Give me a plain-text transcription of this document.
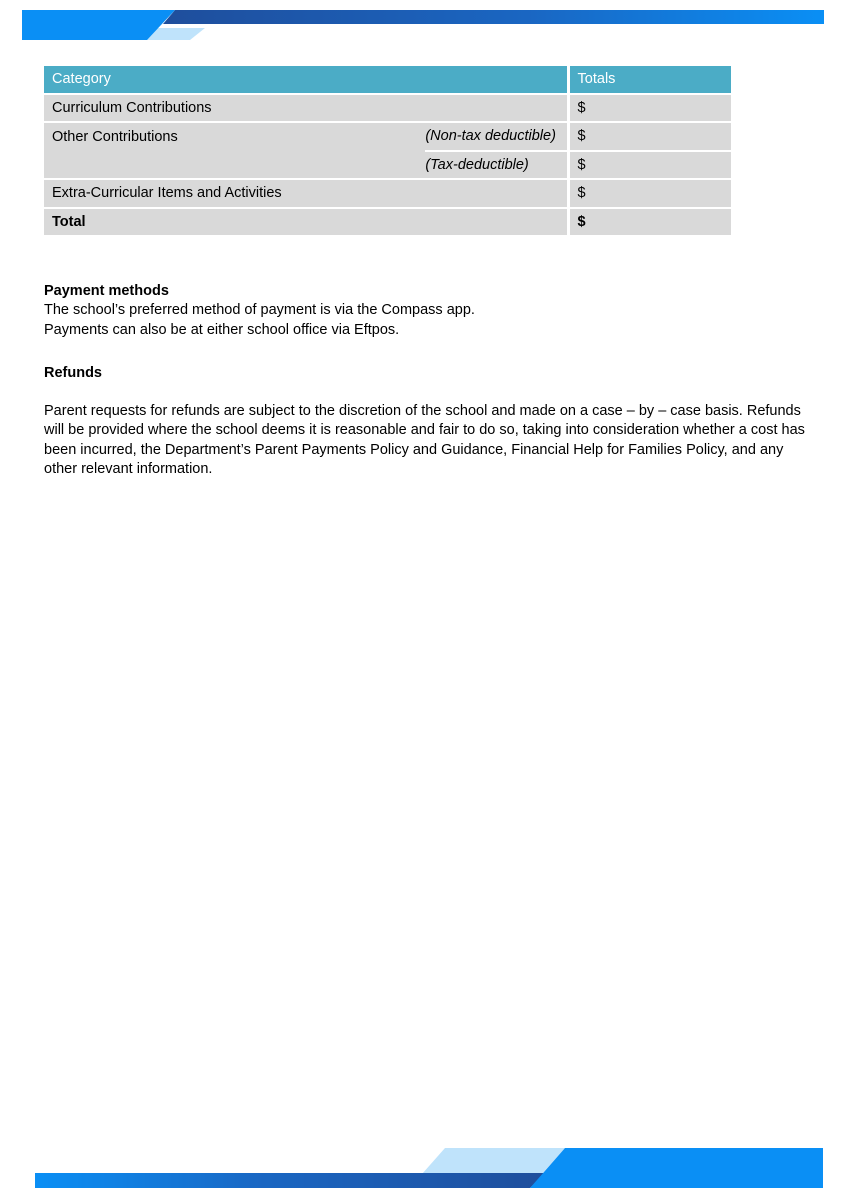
Category		Totals
Curriculum Contributions		$
Other Contributions	(Non-tax deductible)	$
	(Tax-deductible)	$
Extra-Curricular Items and Activities		$
Total		$
Payment methods

The school’s preferred method of payment is via the Compass app.

Payments can also be at either school office via Eftpos.

Refunds

Parent requests for refunds are subject to the discretion of the school and made on a case – by – case basis. Refunds will be provided where the school deems it is reasonable and fair to do so, taking into consideration whether a cost has been incurred, the Department’s Parent Payments Policy and Guidance, Financial Help for Families Policy, and any other relevant information.
